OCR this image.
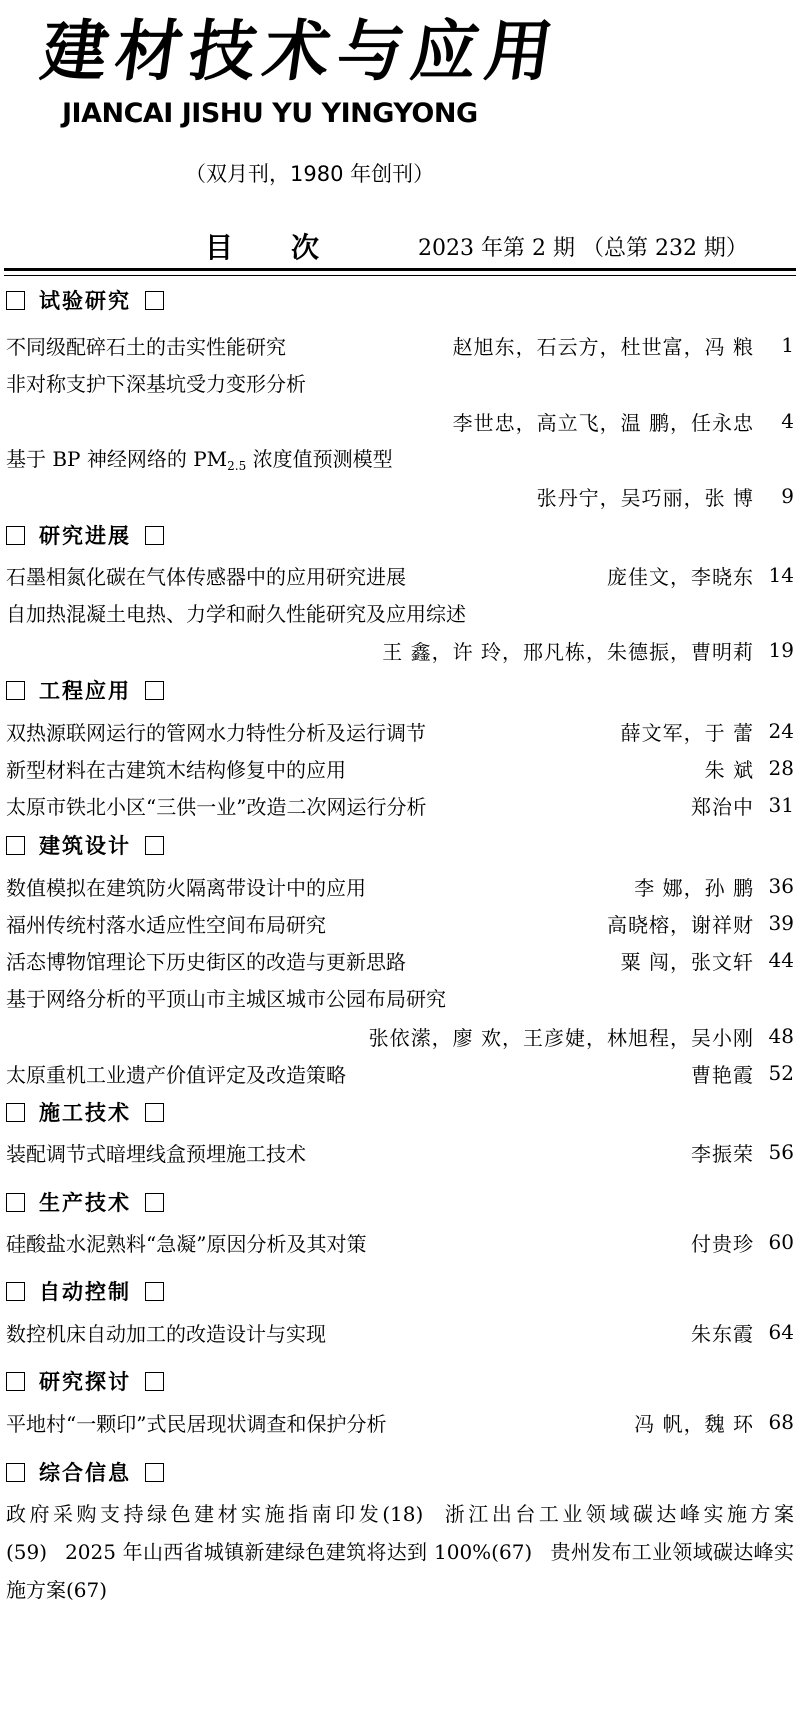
建材技术与应用
JIANCAI JISHU YU YINGYONG
（双月刊，1980 年创刊）
目次 2023 年第 2 期 （总第 232 期）
试验研究
不同级配碎石土的击实性能研究	赵旭东，石云方，杜世富，冯 粮	1
非对称支护下深基坑受力变形分析
李世忠，高立飞，温 鹏，任永忠	4
基于 BP 神经网络的 $PM_{2.5}$ 浓度值预测模型
张丹宁，吴巧丽，张 博	9
研究进展
石墨相氮化碳在气体传感器中的应用研究进展	庞佳文，李晓东 14
自加热混凝土电热、力学和耐久性能研究及应用综述
王 鑫，许 玲，邢凡栋，朱德振，曹明莉 19
工程应用
双热源联网运行的管网水力特性分析及运行调节	薛文军，于 蕾 24
新型材料在古建筑木结构修复中的应用	朱 斌 28
太原市铁北小区“三供一业”改造二次网运行分析	郑治中 31
建筑设计
数值模拟在建筑防火隔离带设计中的应用	李 娜，孙 鹏 36
福州传统村落水适应性空间布局研究	高晓榕，谢祥财 39
活态博物馆理论下历史街区的改造与更新思路	粟 闯，张文轩 44
基于网络分析的平顶山市主城区城市公园布局研究
张依潆，廖 欢，王彦婕，林旭程，吴小刚 48
太原重机工业遗产价值评定及改造策略	曹艳霞 52
施工技术
装配调节式暗埋线盒预埋施工技术	李振荣 56
生产技术
硅酸盐水泥熟料“急凝”原因分析及其对策	付贵珍 60
自动控制
数控机床自动加工的改造设计与实现	朱东霞 64
研究探讨
平地村“一颗印”式民居现状调查和保护分析	冯 帆，魏 环 68
综合信息
政府采购支持绿色建材实施指南印发(18) 浙江出台工业领域碳达峰实施方案(59) 2025 年山西省城镇新建绿色建筑将达到 100%(67) 贵州发布工业领域碳达峰实施方案(67)
